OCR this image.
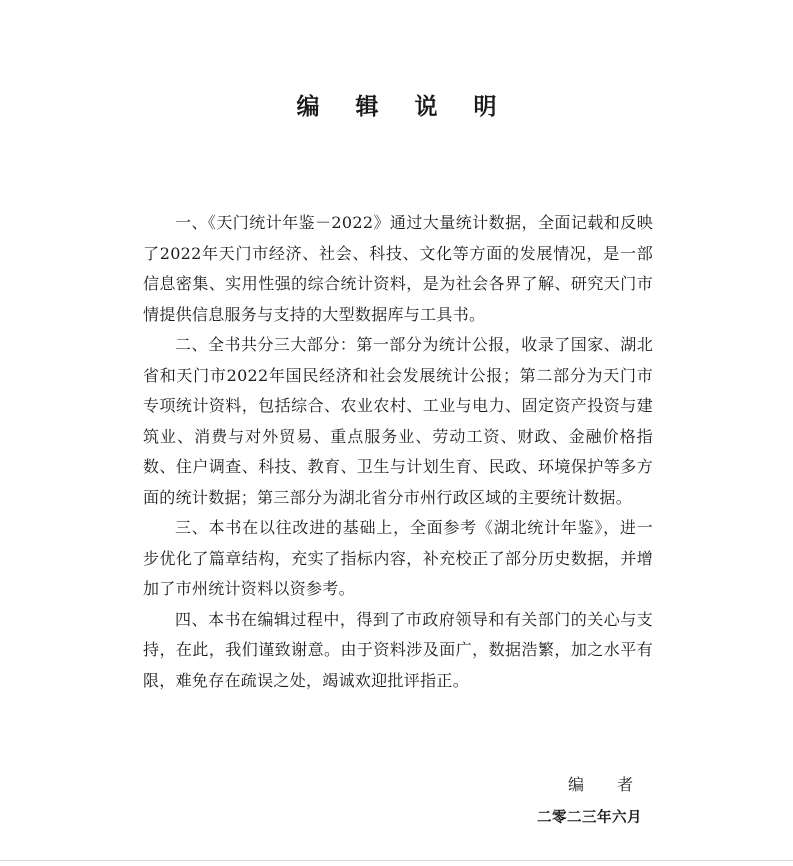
编 辑 说 明

一、《天门统计年鉴－2022》通过大量统计数据，全面记载和反映了2022年天门市经济、社会、科技、文化等方面的发展情况，是一部信息密集、实用性强的综合统计资料，是为社会各界了解、研究天门市情提供信息服务与支持的大型数据库与工具书。

二、全书共分三大部分：第一部分为统计公报，收录了国家、湖北省和天门市2022年国民经济和社会发展统计公报；第二部分为天门市专项统计资料，包括综合、农业农村、工业与电力、固定资产投资与建筑业、消费与对外贸易、重点服务业、劳动工资、财政、金融价格指数、住户调查、科技、教育、卫生与计划生育、民政、环境保护等多方面的统计数据；第三部分为湖北省分市州行政区域的主要统计数据。

三、本书在以往改进的基础上，全面参考《湖北统计年鉴》，进一步优化了篇章结构，充实了指标内容，补充校正了部分历史数据，并增加了市州统计资料以资参考。

四、本书在编辑过程中，得到了市政府领导和有关部门的关心与支持，在此，我们谨致谢意。由于资料涉及面广，数据浩繁，加之水平有限，难免存在疏误之处，竭诚欢迎批评指正。

编 者
二零二三年六月
